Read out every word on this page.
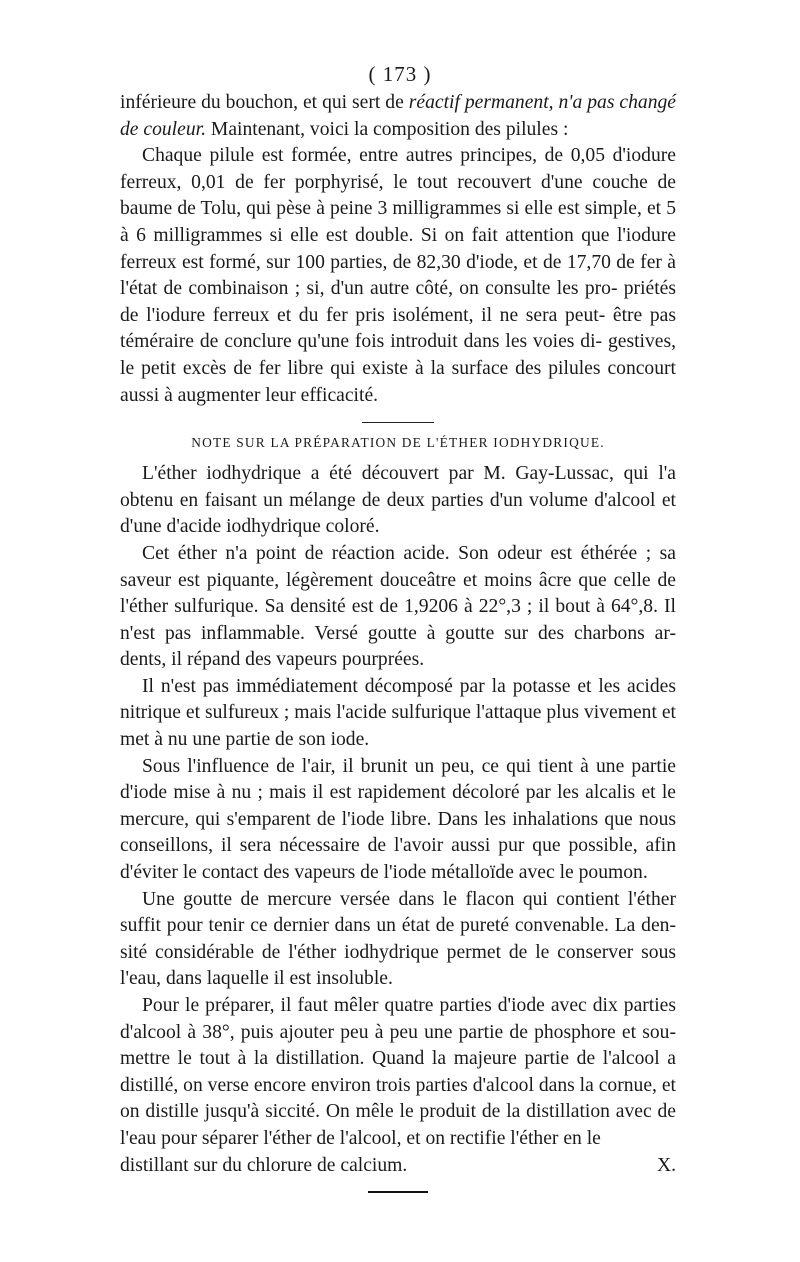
( 173 )

inférieure du bouchon, et qui sert de réactif permanent, n'a pas changé de couleur. Maintenant, voici la composition des pilules :

Chaque pilule est formée, entre autres principes, de 0,05 d'iodure ferreux, 0,01 de fer porphyrisé, le tout recouvert d'une couche de baume de Tolu, qui pèse à peine 3 milligrammes si elle est simple, et 5 à 6 milligrammes si elle est double. Si on fait attention que l'iodure ferreux est formé, sur 100 parties, de 82,30 d'iode, et de 17,70 de fer à l'état de combinaison ; si, d'un autre côté, on consulte les pro- priétés de l'iodure ferreux et du fer pris isolément, il ne sera peut- être pas téméraire de conclure qu'une fois introduit dans les voies di- gestives, le petit excès de fer libre qui existe à la surface des pilules concourt aussi à augmenter leur efficacité.

NOTE SUR LA PRÉPARATION DE L'ÉTHER IODHYDRIQUE.

L'éther iodhydrique a été découvert par M. Gay-Lussac, qui l'a obtenu en faisant un mélange de deux parties d'un volume d'alcool et d'une d'acide iodhydrique coloré.

Cet éther n'a point de réaction acide. Son odeur est éthérée ; sa saveur est piquante, légèrement douceâtre et moins âcre que celle de l'éther sulfurique. Sa densité est de 1,9206 à 22°,3 ; il bout à 64°,8. Il n'est pas inflammable. Versé goutte à goutte sur des charbons ar- dents, il répand des vapeurs pourprées.

Il n'est pas immédiatement décomposé par la potasse et les acides nitrique et sulfureux ; mais l'acide sulfurique l'attaque plus vivement et met à nu une partie de son iode.

Sous l'influence de l'air, il brunit un peu, ce qui tient à une partie d'iode mise à nu ; mais il est rapidement décoloré par les alcalis et le mercure, qui s'emparent de l'iode libre. Dans les inhalations que nous conseillons, il sera nécessaire de l'avoir aussi pur que possible, afin d'éviter le contact des vapeurs de l'iode métalloïde avec le poumon.

Une goutte de mercure versée dans le flacon qui contient l'éther suffit pour tenir ce dernier dans un état de pureté convenable. La den- sité considérable de l'éther iodhydrique permet de le conserver sous l'eau, dans laquelle il est insoluble.

Pour le préparer, il faut mêler quatre parties d'iode avec dix parties d'alcool à 38°, puis ajouter peu à peu une partie de phosphore et sou- mettre le tout à la distillation. Quand la majeure partie de l'alcool a distillé, on verse encore environ trois parties d'alcool dans la cornue, et on distille jusqu'à siccité. On mêle le produit de la distillation avec de l'eau pour séparer l'éther de l'alcool, et on rectifie l'éther en le

distillant sur du chlorure de calcium.	X.
